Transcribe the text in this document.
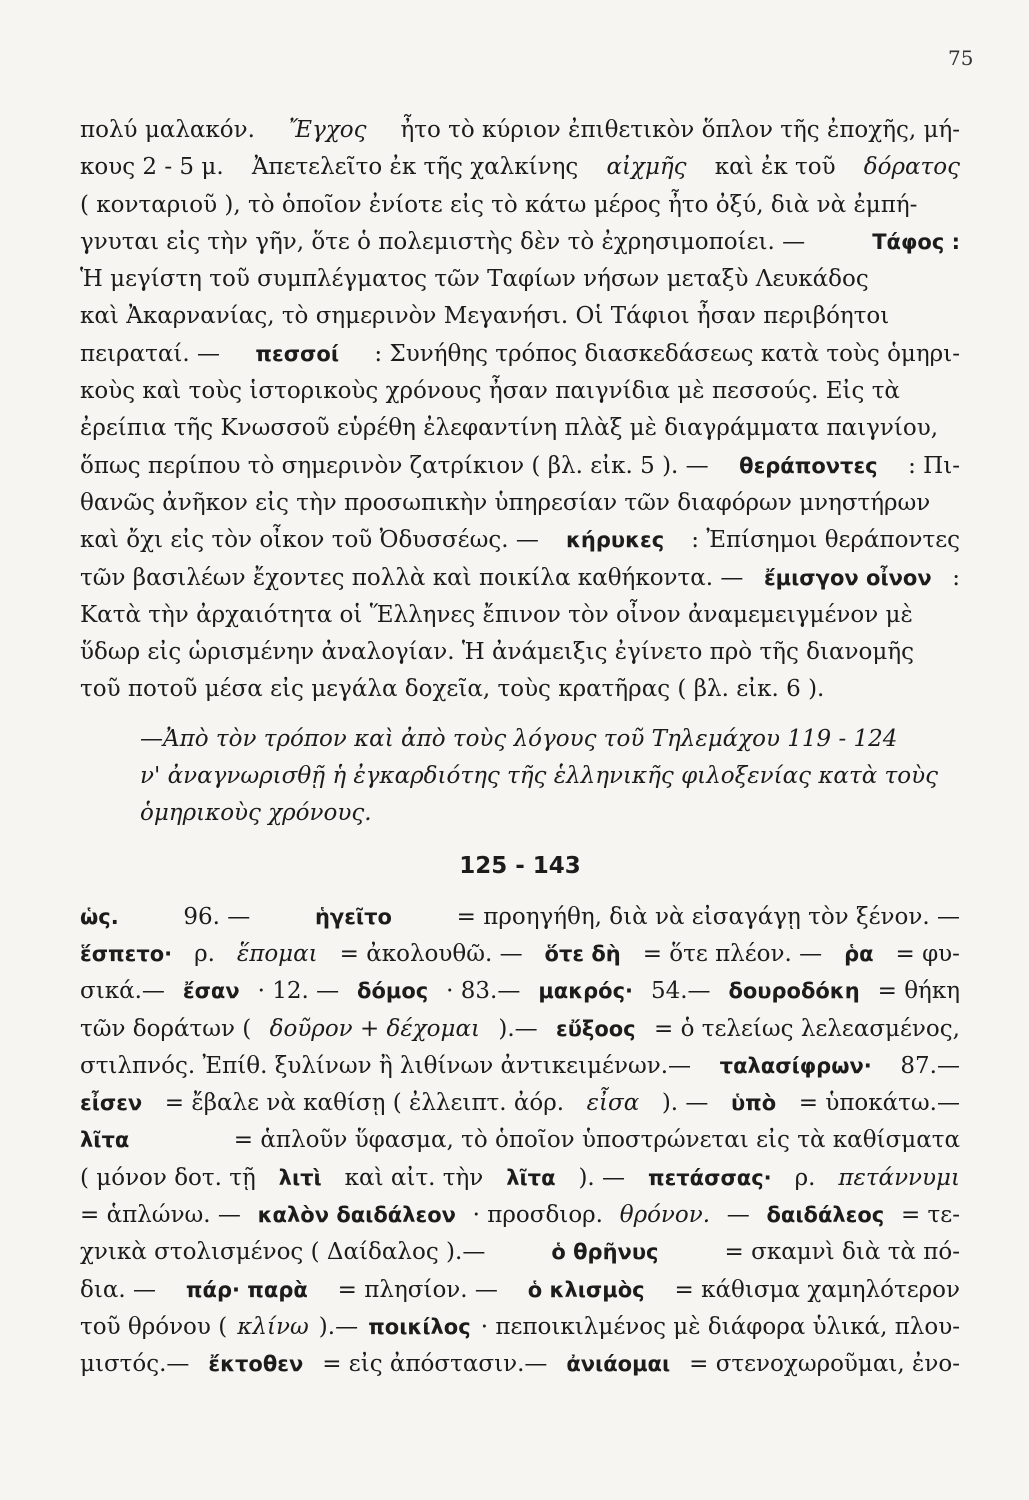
75
πολύ μαλακόν. Ἔγχος ἦτο τὸ κύριον ἐπιθετικὸν ὅπλον τῆς ἐποχῆς, μή-
κους 2 - 5 μ. Ἀπετελεῖτο ἐκ τῆς χαλκίνης αἰχμῆς καὶ ἐκ τοῦ δόρατος
( κονταριοῦ ), τὸ ὁποῖον ἐνίοτε εἰς τὸ κάτω μέρος ἦτο ὀξύ, διὰ νὰ ἐμπή-
γνυται εἰς τὴν γῆν, ὅτε ὁ πολεμιστὴς δὲν τὸ ἐχρησιμοποίει. —	Τάφος :
Ἡ μεγίστη τοῦ συμπλέγματος τῶν Ταφίων νήσων μεταξὺ Λευκάδος
καὶ Ἀκαρνανίας, τὸ σημερινὸν Μεγανήσι. Οἱ Τάφιοι ἦσαν περιβόητοι
πειραταί. — πεσσοί : Συνήθης τρόπος διασκεδάσεως κατὰ τοὺς ὁμηρι-
κοὺς καὶ τοὺς ἱστορικοὺς χρόνους ἦσαν παιγνίδια μὲ πεσσούς. Εἰς τὰ
ἐρείπια τῆς Κνωσσοῦ εὑρέθη ἐλεφαντίνη πλὰξ μὲ διαγράμματα παιγνίου,
ὅπως περίπου τὸ σημερινὸν ζατρίκιον ( βλ. εἰκ. 5 ). — θεράποντες : Πι-
θανῶς ἀνῆκον εἰς τὴν προσωπικὴν ὑπηρεσίαν τῶν διαφόρων μνηστήρων
καὶ ὄχι εἰς τὸν οἶκον τοῦ Ὀδυσσέως. — κήρυκες : Ἐπίσημοι θεράποντες
τῶν βασιλέων ἔχοντες πολλὰ καὶ ποικίλα καθήκοντα. — ἔμισγον οἶνον :
Κατὰ τὴν ἀρχαιότητα οἱ Ἕλληνες ἔπινον τὸν οἶνον ἀναμεμειγμένον μὲ
ὕδωρ εἰς ὡρισμένην ἀναλογίαν. Ἡ ἀνάμειξις ἐγίνετο πρὸ τῆς διανομῆς
τοῦ ποτοῦ μέσα εἰς μεγάλα δοχεῖα, τοὺς κρατῆρας ( βλ. εἰκ. 6 ).
—Ἀπὸ τὸν τρόπον καὶ ἀπὸ τοὺς λόγους τοῦ Τηλεμάχου 119 - 124
ν' ἀναγνωρισθῇ ἡ ἐγκαρδιότης τῆς ἑλληνικῆς φιλοξενίας κατὰ τοὺς
ὁμηρικοὺς χρόνους.
125 - 143
ὡς.	96. —	ἡγεῖτο	= προηγήθη, διὰ νὰ εἰσαγάγῃ τὸν ξένον. —
ἕσπετο· ρ. ἕπομαι = ἀκολουθῶ. — ὅτε δὴ = ὅτε πλέον. — ῥα = φυ-
σικά.— ἔσαν · 12. — δόμος · 83.— μακρός· 54.— δουροδόκη = θήκη
τῶν δοράτων ( δοῦρον + δέχομαι ).— εὔξοος = ὁ τελείως λελεασμένος,
στιλπνός. Ἐπίθ. ξυλίνων ἢ λιθίνων ἀντικειμένων.— ταλασίφρων· 87.—
εἶσεν = ἔβαλε νὰ καθίσῃ ( ἐλλειπτ. ἀόρ. εἶσα ). — ὑπὸ = ὑποκάτω.—
λῖτα	= ἁπλοῦν ὕφασμα, τὸ ὁποῖον ὑποστρώνεται εἰς τὰ καθίσματα
( μόνον δοτ. τῇ λιτὶ καὶ αἰτ. τὴν λῖτα ). — πετάσσας· ρ. πετάννυμι
= ἁπλώνω. — καλὸν δαιδάλεον · προσδιορ. θρόνον. — δαιδάλεος = τε-
χνικὰ στολισμένος ( Δαίδαλος ).—	ὁ θρῆνυς	= σκαμνὶ διὰ τὰ πό-
δια. — πάρ· παρὰ = πλησίον. — ὁ κλισμὸς = κάθισμα χαμηλότερον
τοῦ θρόνου ( κλίνω ).— ποικίλος · πεποικιλμένος μὲ διάφορα ὑλικά, πλου-
μιστός.— ἔκτοθεν = εἰς ἀπόστασιν.— ἀνιάομαι = στενοχωροῦμαι, ἐνο-
